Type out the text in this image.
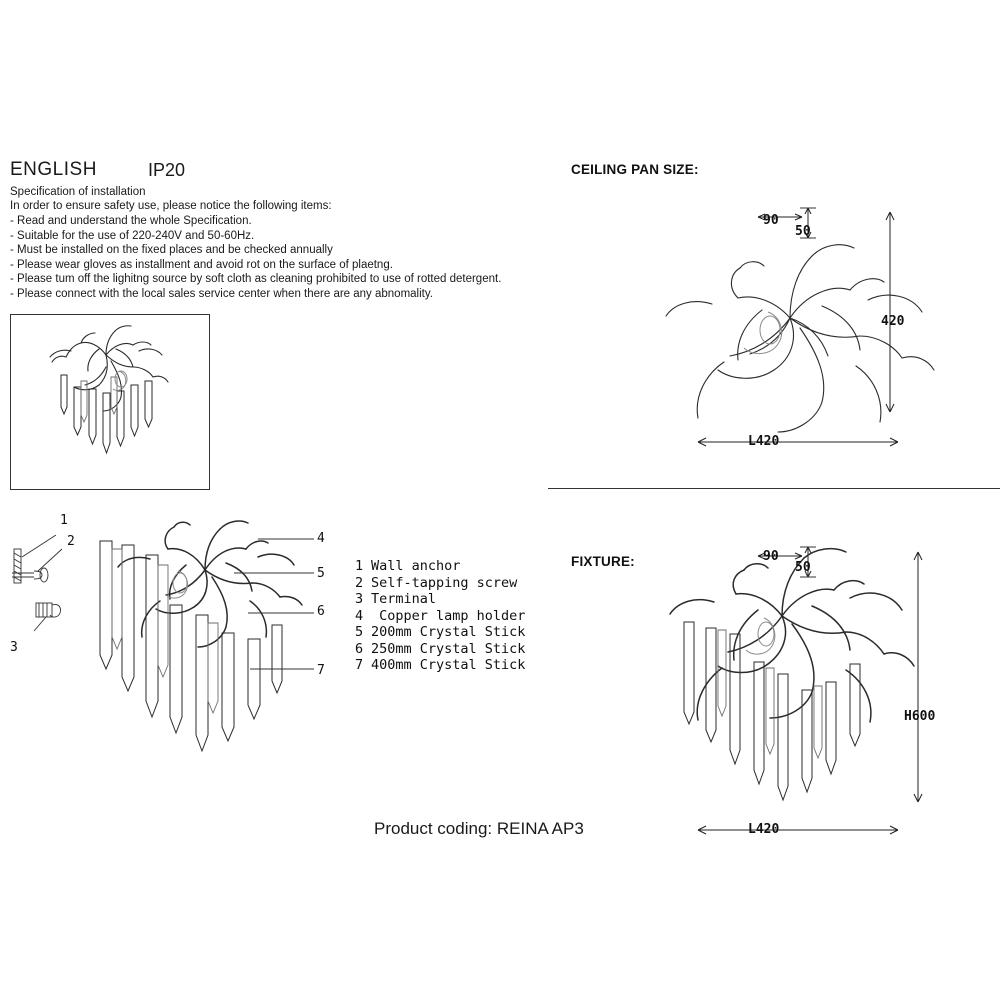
ENGLISH	IP20
Specification of installation
In order to ensure safety use, please notice the following items:
- Read and understand the whole Specification.
- Suitable for the use of 220-240V and 50-60Hz.
- Must be installed on the fixed places and be checked annually
- Please wear gloves as installment and avoid rot on the surface of plaetng.
- Please tum off the lighitng source by soft cloth as cleaning prohibited to use of rotted detergent.
- Please connect with the local sales service center when there are any abnomality.
1
2
3
4
5
6
7
1 Wall anchor
2 Self-tapping screw
3 Terminal
4 Copper lamp holder
5 200mm Crystal Stick
6 250mm Crystal Stick
7 400mm Crystal Stick
CEILING PAN SIZE:
90
50
420
L420
FIXTURE:	90
50
H600
L420
Product coding: REINA AP3
